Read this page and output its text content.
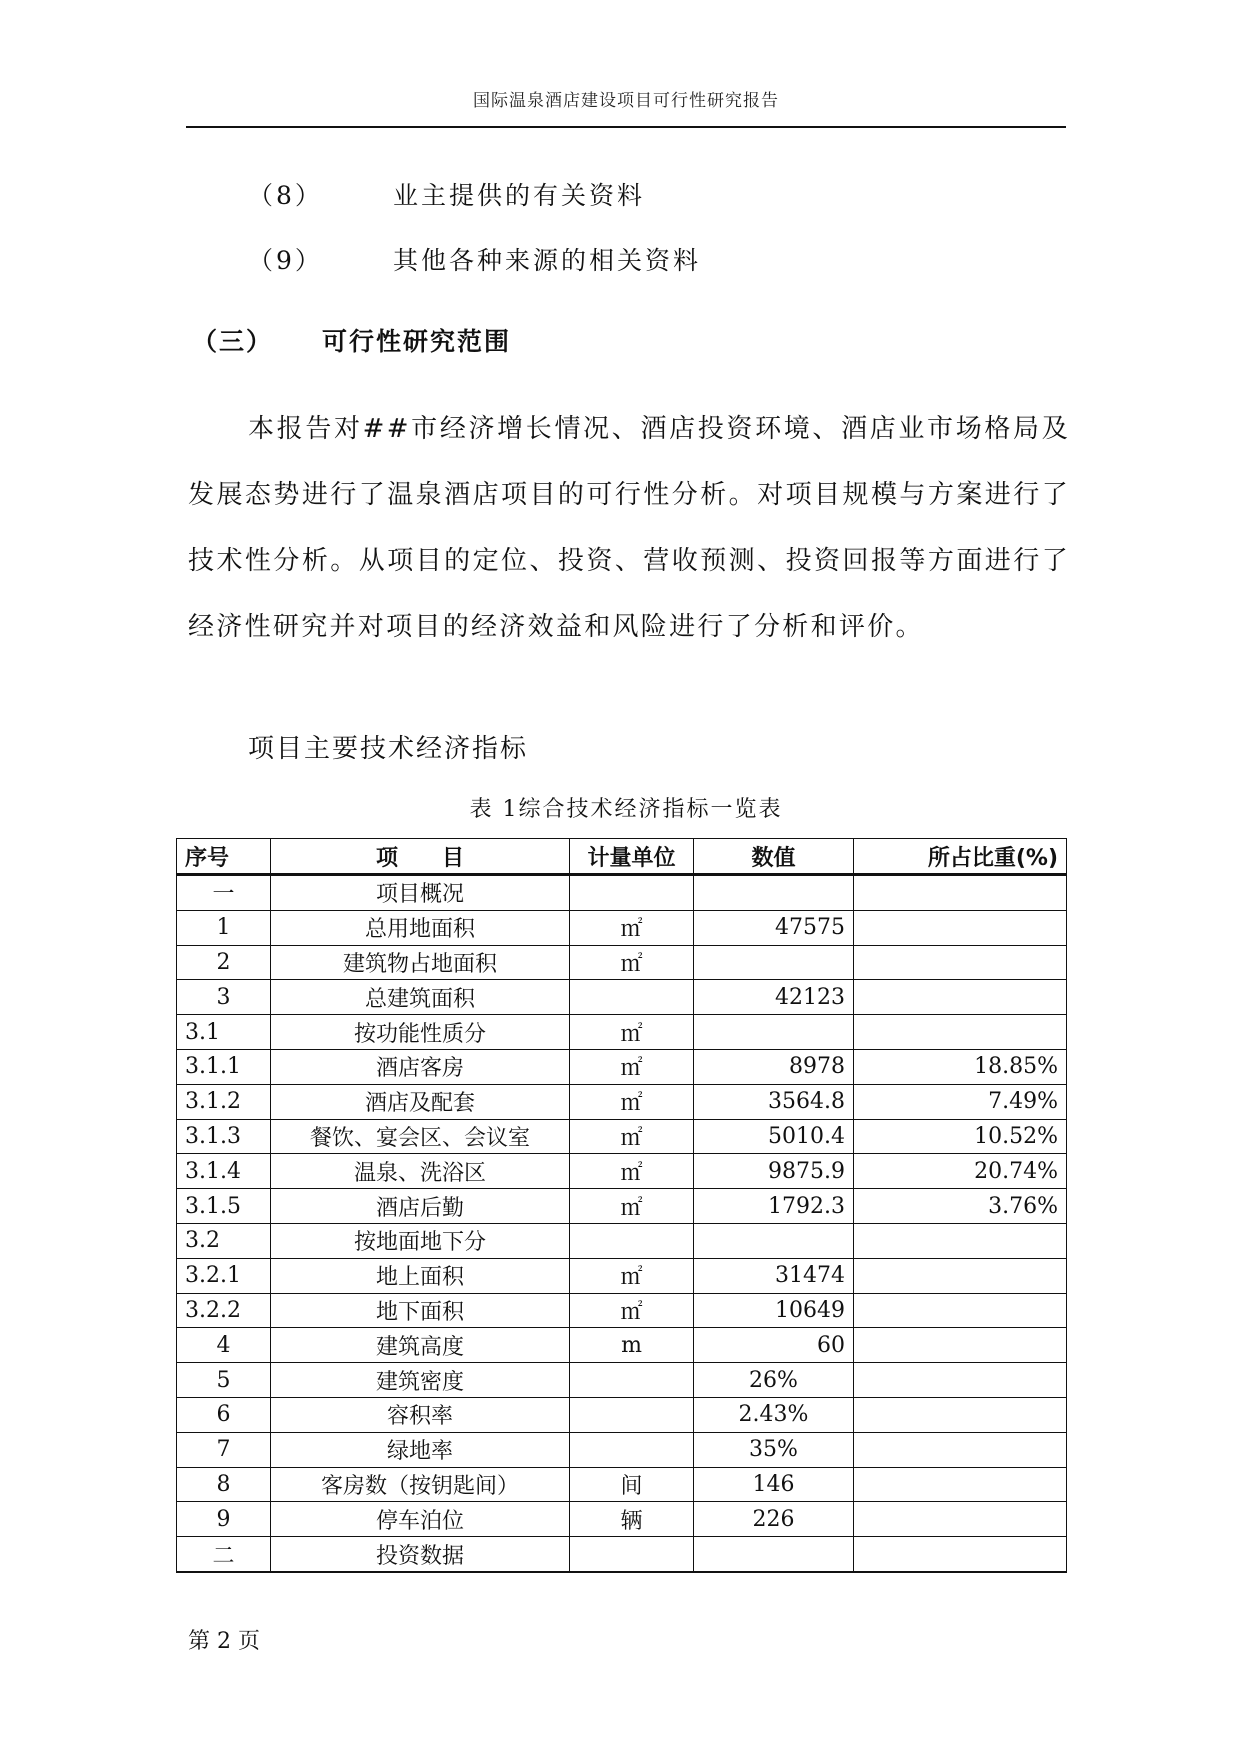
国际温泉酒店建设项目可行性研究报告
（8）	业主提供的有关资料
（9）	其他各种来源的相关资料
（三） 可行性研究范围

本报告对##市经济增长情况、酒店投资环境、酒店业市场格局及发展态势进行了温泉酒店项目的可行性分析。对项目规模与方案进行了技术性分析。从项目的定位、投资、营收预测、投资回报等方面进行了经济性研究并对项目的经济效益和风险进行了分析和评价。

项目主要技术经济指标
表 1综合技术经济指标一览表
序号	项　　目	计量单位	数值	所占比重(%)
一	项目概况			
1	总用地面积	㎡	47575	
2	建筑物占地面积	㎡		
3	总建筑面积		42123	
3.1	按功能性质分	㎡		
3.1.1	酒店客房	㎡	8978	18.85%
3.1.2	酒店及配套	㎡	3564.8	7.49%
3.1.3	餐饮、宴会区、会议室	㎡	5010.4	10.52%
3.1.4	温泉、洗浴区	㎡	9875.9	20.74%
3.1.5	酒店后勤	㎡	1792.3	3.76%
3.2	按地面地下分			
3.2.1	地上面积	㎡	31474	
3.2.2	地下面积	㎡	10649	
4	建筑高度	m	60	
5	建筑密度		26%	
6	容积率		2.43%	
7	绿地率		35%	
8	客房数（按钥匙间）	间	146	
9	停车泊位	辆	226	
二	投资数据			
第 2 页
